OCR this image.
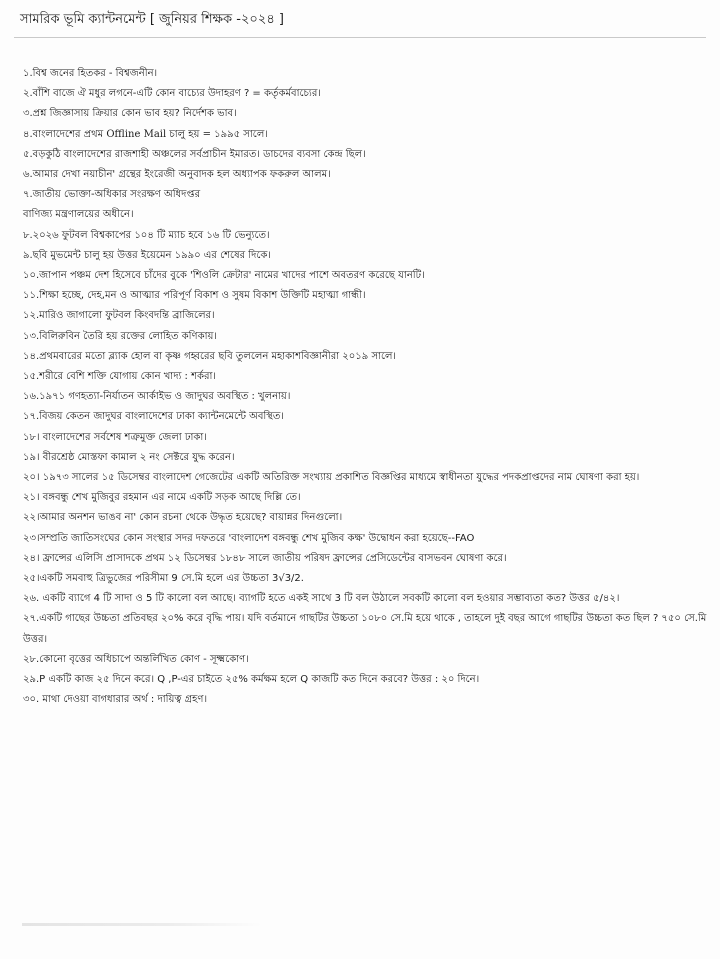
সামরিক ভূমি ক্যান্টনমেন্ট [ জুনিয়র শিক্ষক -২০২৪ ]
১.বিশ্ব জনের হিতকর - বিশ্বজনীন।
২.বাঁশি বাজে ঐ মধুর লগনে-এটি কোন বাচ্যের উদাহরণ ? = কর্তৃকর্মবাচ্যের।
৩.প্রশ্ন জিজ্ঞাসায় ক্রিয়ার কোন ভাব হয়? নির্দেশক ভাব।
৪.বাংলাদেশের প্রথম Offline Mail চালু হয় = ১৯৯৫ সালে।
৫.বড়কুঠি বাংলাদেশের রাজশাহী অঞ্চলের সর্বপ্রাচীন ইমারত। ডাচদের ব্যবসা কেন্দ্র ছিল।
৬.আমার দেখা নয়াচীন' গ্রন্থের ইংরেজী অনুবাদক হল অধ্যাপক ফকরুল আলম।
৭.জাতীয় ভোক্তা-অধিকার সংরক্ষণ অধিদপ্তর
বাণিজ্য মন্ত্রণালয়ের অধীনে।
৮.২০২৬ ফুটবল বিশ্বকাপের ১০৪ টি ম্যাচ হবে ১৬ টি ভেন্যুতে।
৯.ছবি মুভমেন্ট চালু হয় উত্তর ইয়েমেন ১৯৯০ এর শেষের দিকে।
১০.জাপান পঞ্চম দেশ হিসেবে চাঁদের বুকে 'শিওলি ক্রেটার' নামের খাদের পাশে অবতরণ করেছে যানটি।
১১.শিক্ষা হচ্ছে, দেহ,মন ও আত্মার পরিপূর্ণ বিকাশ ও সুষম বিকাশ উক্তিটি মহাত্মা গান্ধী।
১২.মারিও জাগালো ফুটবল কিংবদন্তি ব্রাজিলের।
১৩.বিলিরুবিন তৈরি হয় রক্তের লোহিত কণিকায়।
১৪.প্রথমবারের মতো ব্ল্যাক হোল বা কৃষ্ণ গহ্বরের ছবি তুললেন মহাকাশবিজ্ঞানীরা ২০১৯ সালে।
১৫.শরীরে বেশি শক্তি যোগায় কোন খাদ্য : শর্করা।
১৬.১৯৭১ গণহত্যা-নির্যাতন আর্কাইভ ও জাদুঘর অবস্থিত : খুলনায়।
১৭.বিজয় কেতন জাদুঘর বাংলাদেশের ঢাকা ক্যান্টনমেন্টে অবস্থিত।
১৮। বাংলাদেশের সর্বশেষ শত্রুমুক্ত জেলা ঢাকা।
১৯। বীরশ্রেষ্ঠ মোস্তফা কামাল ২ নং সেক্টরে যুদ্ধ করেন।
২০। ১৯৭৩ সালের ১৫ ডিসেম্বর বাংলাদেশ গেজেটের একটি অতিরিক্ত সংখ্যায় প্রকাশিত বিজ্ঞপ্তির মাধ্যমে স্বাধীনতা যুদ্ধের পদকপ্রাপ্তদের নাম ঘোষণা করা হয়।
২১। বঙ্গবন্ধু শেখ মুজিবুর রহমান এর নামে একটি সড়ক আছে দিল্লি তে।
২২।আমার অনশন ভাঙব না' কোন রচনা থেকে উদ্ধৃত হয়েছে? বায়ান্নর দিনগুলো।
২৩।সম্প্রতি জাতিসংঘের কোন সংস্থার সদর দফতরে 'বাংলাদেশ বঙ্গবন্ধু শেখ মুজিব কক্ষ' উদ্বোধন করা হয়েছে--FAO
২৪। ফ্রান্সের এলিসি প্রাসাদকে প্রথম ১২ ডিসেম্বর ১৮৪৮ সালে জাতীয় পরিষদ ফ্রান্সের প্রেসিডেন্টের বাসভবন ঘোষণা করে।
২৫।একটি সমবাহু ত্রিভুজের পরিসীমা 9 সে.মি হলে এর উচ্চতা 3√3/2.
২৬. একটি ব্যাগে 4 টি সাদা ও 5 টি কালো বল আছে। ব্যাগটি হতে একই সাথে 3 টি বল উঠালে সবকটি কালো বল হওয়ার সম্ভাব্যতা কত? উত্তর ৫/৪২।
২৭.একটি গাছের উচ্চতা প্রতিবছর ২০% করে বৃদ্ধি পায়। যদি বর্তমানে গাছটির উচ্চতা ১০৮০ সে.মি হয়ে থাকে , তাহলে দুই বছর আগে গাছটির উচ্চতা কত ছিল ? ৭৫০ সে.মি উত্তর।
২৮.কোনো বৃত্তের অধিচাপে অন্তর্লিখিত কোণ - সূক্ষ্মকোণ।
২৯.P একটি কাজ ২৫ দিনে করে। Q ,P-এর চাইতে ২৫% কর্মক্ষম হলে Q কাজটি কত দিনে করবে? উত্তর : ২০ দিনে।
৩০. মাথা দেওয়া বাগধারার অর্থ : দায়িত্ব গ্রহণ।
